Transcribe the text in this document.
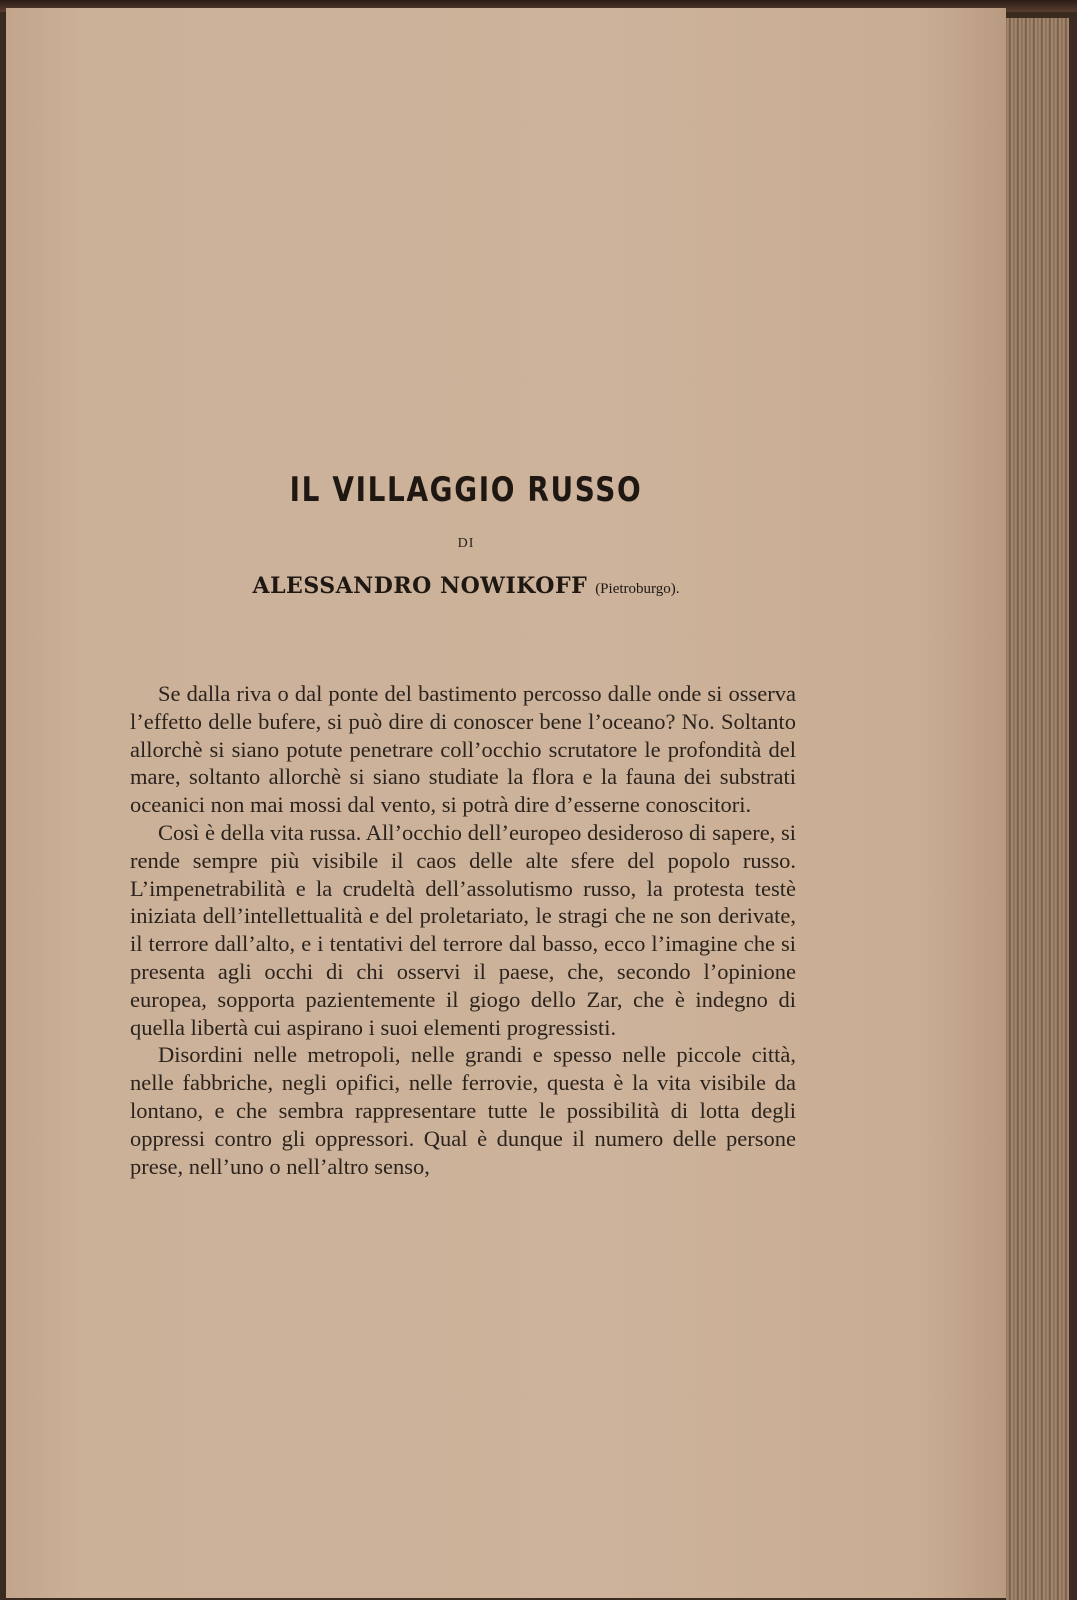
IL VILLAGGIO RUSSO
DI
ALESSANDRO NOWIKOFF (Pietroburgo).

Se dalla riva o dal ponte del bastimento percosso dalle onde si osserva l’effetto delle bufere, si può dire di conoscer bene l’oceano? No. Soltanto allorchè si siano potute penetrare coll’occhio scrutatore le profondità del mare, soltanto allorchè si siano studiate la flora e la fauna dei substrati oceanici non mai mossi dal vento, si potrà dire d’esserne conoscitori.

Così è della vita russa. All’occhio dell’europeo desideroso di sapere, si rende sempre più visibile il caos delle alte sfere del popolo russo. L’impenetrabilità e la crudeltà dell’assolutismo russo, la protesta testè iniziata dell’intellettualità e del proletariato, le stragi che ne son derivate, il terrore dall’alto, e i tentativi del terrore dal basso, ecco l’imagine che si presenta agli occhi di chi osservi il paese, che, secondo l’opinione europea, sopporta pazientemente il giogo dello Zar, che è indegno di quella libertà cui aspirano i suoi elementi progressisti.

Disordini nelle metropoli, nelle grandi e spesso nelle piccole città, nelle fabbriche, negli opifici, nelle ferrovie, questa è la vita visibile da lontano, e che sembra rappresentare tutte le possibilità di lotta degli oppressi contro gli oppressori. Qual è dunque il numero delle persone prese, nell’uno o nell’altro senso,
